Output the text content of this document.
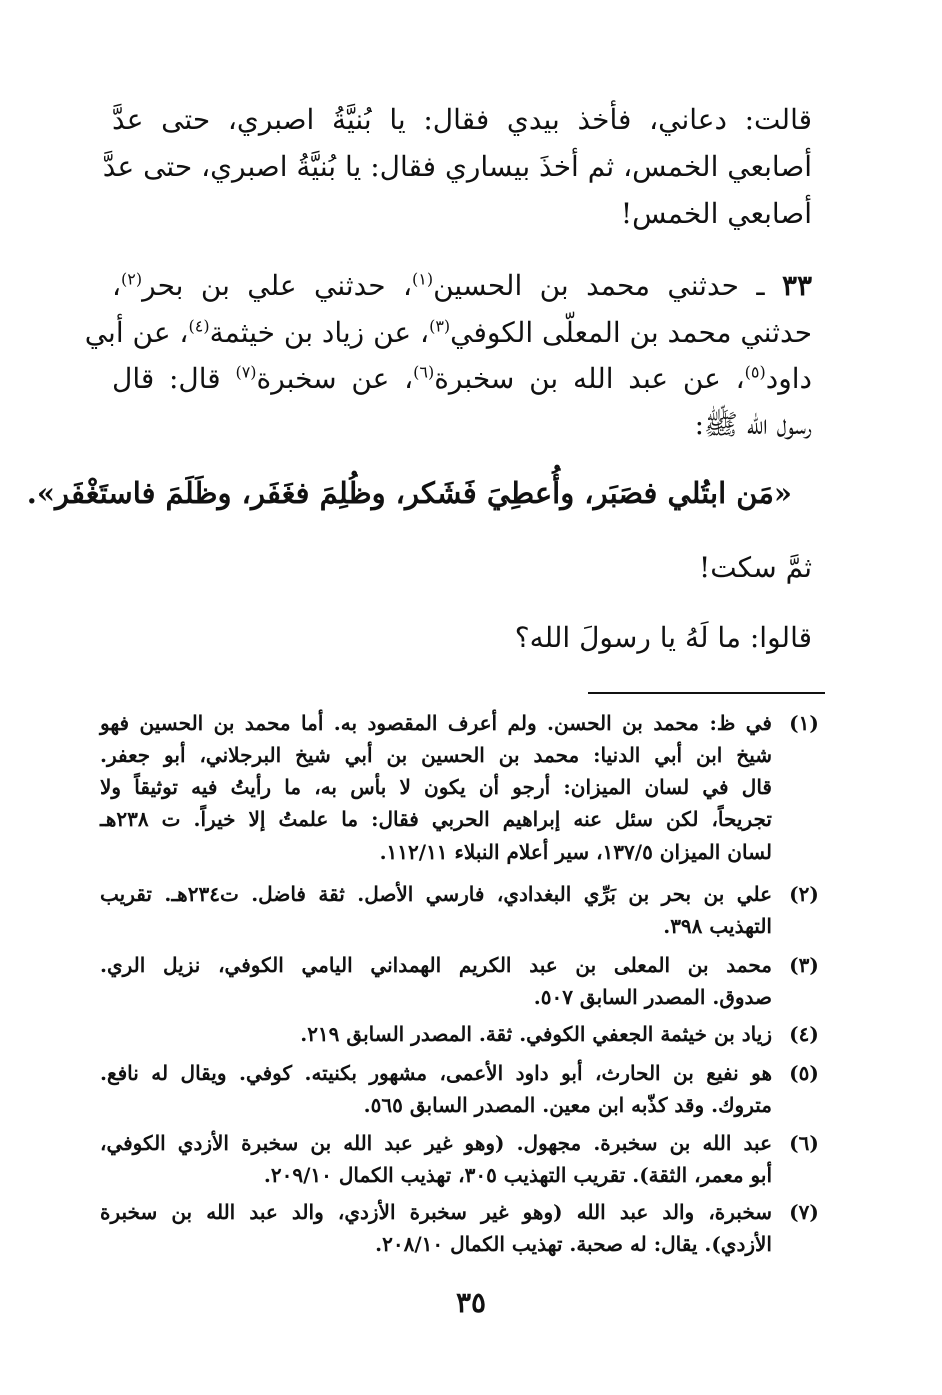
قالت: دعاني، فأخذ بيدي فقال: يا بُنيَّةُ اصبري، حتى عدَّ
أصابعي الخمس، ثم أخذَ بيساري فقال: يا بُنيَّةُ اصبري، حتى عدَّ
أصابعي الخمس!
٣٣ ـ حدثني محمد بن الحسين$^{(١)}$، حدثني علي بن بحر$^{(٢)}$،
حدثني محمد بن المعلّى الكوفي$^{(٣)}$، عن زياد بن خيثمة$^{(٤)}$، عن أبي
داود$^{(٥)}$، عن عبد الله بن سخبرة$^{(٦)}$، عن سخبرة$^{(٧)}$ قال: قال
رسول الله ﷺ:
«مَن ابتُلي فصَبَر، وأُعطِيَ فَشَكر، وظُلِمَ فغَفَر، وظَلَمَ فاستَغْفَر».
ثمَّ سكت!
قالوا: ما لَهُ يا رسولَ الله؟
(١)
في ظ: محمد بن الحسن. ولم أعرف المقصود به. أما محمد بن الحسين فهو
شيخ ابن أبي الدنيا: محمد بن الحسين بن أبي شيخ البرجلاني، أبو جعفر.
قال في لسان الميزان: أرجو أن يكون لا بأس به، ما رأيتُ فيه توثيقاً ولا
تجريحاً، لكن سئل عنه إبراهيم الحربي فقال: ما علمتُ إلا خيراً. ت ٢٣٨هـ
لسان الميزان ١٣٧/٥، سير أعلام النبلاء ١١٢/١١.
(٢)
علي بن بحر بن بَرِّي البغدادي، فارسي الأصل. ثقة فاضل. ت٢٣٤هـ. تقريب
التهذيب ٣٩٨.
(٣)
محمد بن المعلى بن عبد الكريم الهمداني اليامي الكوفي، نزيل الري.
صدوق. المصدر السابق ٥٠٧.
(٤)
زياد بن خيثمة الجعفي الكوفي. ثقة. المصدر السابق ٢١٩.
(٥)
هو نفيع بن الحارث، أبو داود الأعمى، مشهور بكنيته. كوفي. ويقال له نافع.
متروك. وقد كذّبه ابن معين. المصدر السابق ٥٦٥.
(٦)
عبد الله بن سخبرة. مجهول. (وهو غير عبد الله بن سخبرة الأزدي الكوفي،
أبو معمر، الثقة). تقريب التهذيب ٣٠٥، تهذيب الكمال ٢٠٩/١٠.
(٧)
سخبرة، والد عبد الله (وهو غير سخبرة الأزدي، والد عبد الله بن سخبرة
الأزدي). يقال: له صحبة. تهذيب الكمال ٢٠٨/١٠.
٣٥
